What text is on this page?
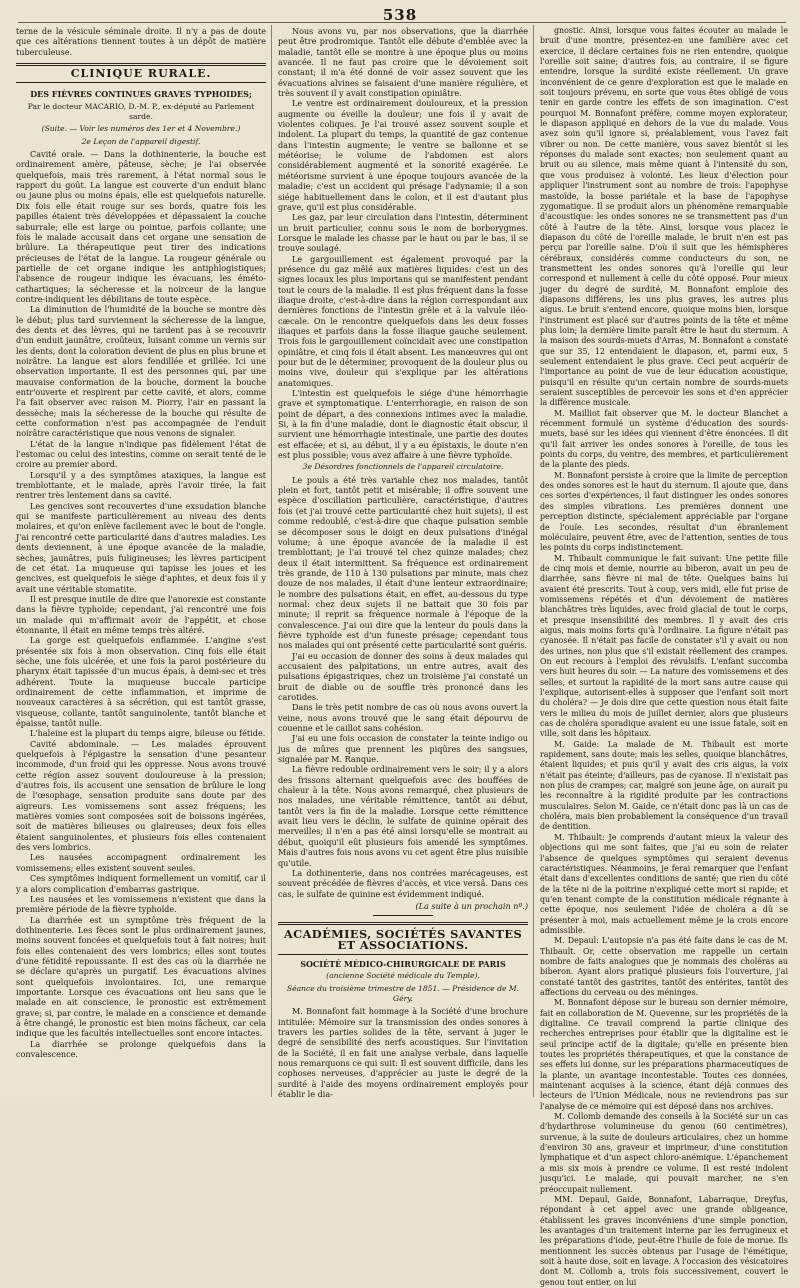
538

terne de la vésicule séminale droite. Il n'y a pas de doute que ces altérations tiennent toutes à un dépôt de matière tuberculeuse.

CLINIQUE RURALE.
DES FIÈVRES CONTINUES GRAVES TYPHOIDES;
Par le docteur MACARIO, D.-M. P., ex-député au Parlement sarde.
(Suite. — Voir les numéros des 1er et 4 Novembre.)
2e Leçon de l'appareil digestif.

Cavité orale. — Dans la dothinenterie, la bouche est ordinairement amère, pâteuse, sèche; je l'ai observée quelquefois, mais très rarement, à l'état normal sous le rapport du goût. La langue est couverte d'un enduit blanc ou jaune plus ou moins épais, elle est quelquefois naturelle. Dix fois elle était rouge sur ses bords, quatre fois les papilles étaient très développées et dépassaient la couche saburrale; elle est large ou pointue, parfois collante; une fois le malade accusait dans cet organe une sensation de brûlure. La thérapeutique peut tirer des indications précieuses de l'état de la langue. La rougeur générale ou partielle de cet organe indique les antiphlogistiques; l'absence de rougeur indique les évacuans, les éméto-cathartiques; la sécheresse et la noirceur de la langue contre-indiquent les débilitans de toute espèce.

La diminution de l'humidité de la bouche se montre dès le début; plus tard surviennent la sécheresse de la langue, des dents et des lèvres, qui ne tardent pas à se recouvrir d'un enduit jaunâtre, croûteux, luisant comme un vernis sur les dents, dont la coloration devient de plus en plus brune et noirâtre. La langue est alors fendillée et grillée. Ici une observation importante. Il est des personnes qui, par une mauvaise conformation de la bouche, dorment la bouche entr'ouverte et respirent par cette cavité, et alors, comme l'a fait observer avec raison M. Piorry, l'air en passant la dessèche; mais la sécheresse de la bouche qui résulte de cette conformation n'est pas accompagnée de l'enduit noirâtre caractéristique que nous venons de signaler.

L'état de la langue n'indique pas fidèlement l'état de l'estomac ou celui des intestins, comme on serait tenté de le croire au premier abord.

Lorsqu'il y a des symptômes ataxiques, la langue est tremblottante, et le malade, après l'avoir tirée, la fait rentrer très lentement dans sa cavité.

Les gencives sont recouvertes d'une exsudation blanche qui se manifeste particulièrement au niveau des dents molaires, et qu'on enlève facilement avec le bout de l'ongle. J'ai rencontré cette particularité dans d'autres maladies. Les dents deviennent, à une époque avancée de la maladie, sèches, jaunâtres, puis fuligineuses; les lèvres participent de cet état. La muqueuse qui tapisse les joues et les gencives, est quelquefois le siège d'aphtes, et deux fois il y avait une véritable stomatite.

Il est presque inutile de dire que l'anorexie est constante dans la fièvre typhoïde; cependant, j'ai rencontré une fois un malade qui m'affirmait avoir de l'appétit, et chose étonnante, il était en même temps très altéré.

La gorge est quelquefois enflammée. L'angine s'est présentée six fois à mon observation. Cinq fois elle était sèche, une fois ulcérée, et une fois la paroi postérieure du pharynx était tapissée d'un mucus épais, à demi-sec et très adhérent. Toute la muqueuse buccale participe ordinairement de cette inflammation, et imprime de nouveaux caractères à sa sécrétion, qui est tantôt grasse, visqueuse, collante, tantôt sanguinolente, tantôt blanche et épaisse, tantôt nulle.

L'haleine est la plupart du temps aigre, bileuse ou fétide.

Cavité abdominale. — Les malades éprouvent quelquefois à l'épigastre la sensation d'une pesanteur incommode, d'un froid qui les oppresse. Nous avons trouvé cette région assez souvent douloureuse à la pression; d'autres fois, ils accusent une sensation de brûlure le long de l'œsophage, sensation produite sans doute par des aigreurs. Les vomissemens sont assez fréquens; les matières vomies sont composées soit de boissons ingérées, soit de matières bilieuses ou glaireuses; deux fois elles étaient sanguinolentes, et plusieurs fois elles contenaient des vers lombrics.

Les nausées accompagnent ordinairement les vomissemens; elles existent souvent seules.

Ces symptômes indiquent formellement un vomitif, car il y a alors complication d'embarras gastrique.

Les nausées et les vomissemens n'existent que dans la première période de la fièvre typhoïde.

La diarrhée est un symptôme très fréquent de la dothinenterie. Les fèces sont le plus ordinairement jaunes, moins souvent foncées et quelquefois tout à fait noires; huit fois elles contenaient des vers lombrics; elles sont toutes d'une fétidité repoussante. Il est des cas où la diarrhée ne se déclare qu'après un purgatif. Les évacuations alvines sont quelquefois involontaires. Ici, une remarque importante. Lorsque ces évacuations ont lieu sans que le malade en ait conscience, le pronostic est extrêmement grave; si, par contre, le malade en a conscience et demande à être changé, le pronostic est bien moins fâcheux, car cela indique que les facultés intellectuelles sont encore intactes.

La diarrhée se prolonge quelquefois dans la convalescence.

Nous avons vu, par nos observations, que la diarrhée peut être prodromique. Tantôt elle débute d'emblée avec la maladie, tantôt elle se montre à une époque plus ou moins avancée. Il ne faut pas croire que le dévoiement soit constant; il m'a été donné de voir assez souvent que les évacuations alvines se faisaient d'une manière régulière, et très souvent il y avait constipation opiniâtre.

Le ventre est ordinairement douloureux, et la pression augmente ou éveille la douleur; une fois il y avait de violentes coliques. Je l'ai trouvé assez souvent souple et indolent. La plupart du temps, la quantité de gaz contenue dans l'intestin augmente; le ventre se ballonne et se météorise; le volume de l'abdomen est alors considérablement augmenté et la sonorité exagérée. Le météorisme survient à une époque toujours avancée de la maladie; c'est un accident qui présage l'adynamie; il a son siége habituellement dans le colon, et il est d'autant plus grave, qu'il est plus considérable.

Les gaz, par leur circulation dans l'intestin, déterminent un bruit particulier, connu sous le nom de borborygmes. Lorsque le malade les chasse par le haut ou par le bas, il se trouve soulagé.

Le gargouillement est également provoqué par la présence du gaz mêlé aux matières liquides: c'est un des signes locaux les plus importans qui se manifestent pendant tout le cours de la maladie. Il est plus fréquent dans la fosse iliaque droite, c'est-à-dire dans la région correspondant aux dernières fonctions de l'intestin grêle et à la valvule iléo-cæcale. On le rencontre quelquefois dans les deux fosses iliaques et parfois dans la fosse iliaque gauche seulement. Trois fois le gargouillement coïncidait avec une constipation opiniâtre, et cinq fois il était absent. Les manœuvres qui ont pour but de le déterminer, provoquent de la douleur plus ou moins vive, douleur qui s'explique par les altérations anatomiques.

L'intestin est quelquefois le siége d'une hémorrhagie grave et symptomatique. L'enterrhoragie, en raison de son point de départ, a des connexions intimes avec la maladie. Si, à la fin d'une maladie, dont le diagnostic était obscur, il survient une hémorrhagie intestinale, une partie des doutes est effacée; et si, au début, il y a eu épistaxis, le doute n'en est plus possible; vous avez affaire à une fièvre typhoïde.

3e Désordres fonctionnels de l'appareil circulatoire.

Le pouls a été très variable chez nos malades, tantôt plein et fort, tantôt petit et misérable; il offre souvent une espèce d'oscillation particulière, caractéristique, d'autres fois (et j'ai trouvé cette particularité chez huit sujets), il est comme redoublé, c'est-à-dire que chaque pulsation semble se décomposer sous le doigt en deux pulsations d'inégal volume; à une époque avancée de la maladie il est tremblottant; je l'ai trouvé tel chez quinze malades; chez deux il était intermittent. Sa fréquence est ordinairement très grande, de 110 à 130 pulsations par minute, mais chez douze de nos malades, il était d'une lenteur extraordinaire; le nombre des pulsations était, en effet, au-dessous du type normal: chez deux sujets il ne battait que 30 fois par minute; il reprit sa fréquence normale à l'époque de la convalescence. J'ai oui dire que la lenteur du pouls dans la fièvre typhoïde est d'un funeste présage; cependant tous nos malades qui ont présenté cette particularité sont guéris.

J'ai eu occasion de donner des soins à deux malades qui accusaient des palpitations, un entre autres, avait des pulsations épigastriques, chez un troisième j'ai constaté un bruit de diable ou de souffle très prononcé dans les carotides.

Dans le très petit nombre de cas où nous avons ouvert la veine, nous avons trouvé que le sang était dépourvu de couenne et le caillot sans cohésion.

J'ai eu une fois occasion de constater la teinte indigo ou jus de mûres que prennent les piqûres des sangsues, signalée par M. Ranque.

La fièvre redouble ordinairement vers le soir; il y a alors des frissons alternant quelquefois avec des bouffées de chaleur à la tête. Nous avons remarqué, chez plusieurs de nos malades, une véritable rémittence, tantôt au début, tantôt vers la fin de la maladie. Lorsque cette rémittence avait lieu vers le déclin, le sulfate de quinine opérait des merveilles; il n'en a pas été ainsi lorsqu'elle se montrait au début, quoiqu'il eût plusieurs fois amendé les symptômes. Mais d'autres fois nous avons vu cet agent être plus nuisible qu'utile.

La dothinenterie, dans nos contrées marécageuses, est souvent précédée de fièvres d'accès, et vice versâ. Dans ces cas, le sulfate de quinine est évidemment indiqué.

(La suite à un prochain nº.)

ACADÉMIES, SOCIÉTÉS SAVANTES ET ASSOCIATIONS.
SOCIÉTÉ MÉDICO-CHIRURGICALE DE PARIS
(ancienne Société médicale du Temple).
Séance du troisième trimestre de 1851. — Présidence de M. Géry.

M. Bonnafont fait hommage à la Société d'une brochure intitulée: Mémoire sur la transmission des ondes sonores à travers les parties solides de la tête, servant à juger le degré de sensibilité des nerfs acoustiques. Sur l'invitation de la Société, il en fait une analyse verbale, dans laquelle nous remarquons ce qui suit: Il est souvent difficile, dans les cophoses nerveuses, d'apprécier au juste le degré de la surdité à l'aide des moyens ordinairement employés pour établir le dia-

gnostic. Ainsi, lorsque vous faites écouter au malade le bruit d'une montre, présentez-en une familière avec cet exercice, il déclare certaines fois ne rien entendre, quoique l'oreille soit saine; d'autres fois, au contraire, il se figure entendre, lorsque la surdité existe réellement. Un grave inconvénient de ce genre d'exploration est que le malade en soit toujours prévenu, en sorte que vous êtes obligé de vous tenir en garde contre les effets de son imagination. C'est pourquoi M. Bonnafont préfère, comme moyen explorateur, le diapason appliqué en dehors de la vue du malade. Vous avez soin qu'il ignore si, préalablement, vous l'avez fait vibrer ou non. De cette manière, vous savez bientôt si les réponses du malade sont exactes; non seulement quant au bruit ou au silence, mais même quant à l'intensité du son, que vous produisez à volonté. Les lieux d'élection pour appliquer l'instrument sont au nombre de trois: l'apophyse mastoïde, la bosse pariétale et la base de l'apophyse zygomatique. Il se produit alors un phénomène remarquable d'acoustique: les ondes sonores ne se transmettent pas d'un côté à l'autre de la tête. Ainsi, lorsque vous placez le diapason du côté de l'oreille malade, le bruit n'en est pas perçu par l'oreille saine. D'où il suit que les hémisphères cérébraux, considérés comme conducteurs du son, ne transmettent les ondes sonores qu'à l'oreille qui leur correspond et nullement à celle du côté opposé. Pour mieux juger du degré de surdité, M. Bonnafont emploie des diapasons différens, les uns plus graves, les autres plus aigus. Le bruit s'entend encore, quoique moins bien, lorsque l'instrument est placé sur d'autres points de la tête et même plus loin; la dernière limite paraît être le haut du sternum. A la maison des sourds-muets d'Arras, M. Bonnafont a constaté que sur 35, 12 entendaient le diapason, et, parmi eux, 5 seulement entendaient le plus grave. Ceci peut acquérir de l'importance au point de vue de leur éducation acoustique, puisqu'il en résulte qu'un certain nombre de sourds-muets seraient susceptibles de percevoir les sons et d'en apprécier la différence musicale.

M. Mailliot fait observer que M. le docteur Blanchet a récemment formulé un système d'éducation des sourds-muets, basé sur les idées qui viennent d'être énoncées. Il dit qu'il fait arriver les ondes sonores à l'oreille, de tous les points du corps, du ventre, des membres, et particulièrement de la plante des pieds.

M. Bonnafont persiste à croire que la limite de perception des ondes sonores est le haut du sternum. Il ajoute que, dans ces sortes d'expériences, il faut distinguer les ondes sonores des simples vibrations. Les premières donnent une perception distincte, spécialement appréciable par l'organe de l'ouïe. Les secondes, résultat d'un ébranlement moléculaire, peuvent être, avec de l'attention, senties de tous les points du corps indistinctement.

M. Thibault communique le fait suivant: Une petite fille de cinq mois et demie, nourrie au biberon, avait un peu de diarrhée, sans fièvre ni mal de tête. Quelques bains lui avaient été prescrits. Tout à coup, vers midi, elle fut prise de vomissemens répétés et d'un dévoiement de matières blanchâtres très liquides, avec froid glacial de tout le corps, et presque insensibilité des membres. Il y avait des cris aigus, mais moins forts qu'à l'ordinaire. La figure n'était pas cyanosée. Il n'était pas facile de constater s'il y avait ou non des urines, non plus que s'il existait réellement des crampes. On eut recours à l'emploi des révulsifs. L'enfant succomba vers huit heures du soir. — La nature des vomissemens et des selles, et surtout la rapidité de la mort sans autre cause qui l'explique, autorisent-elles à supposer que l'enfant soit mort du choléra? — Je dois dire que cette question nous était faite vers le milieu du mois de juillet dernier, alors que plusieurs cas de choléra sporadique avaient eu une issue fatale, soit en ville, soit dans les hôpitaux.

M. Gaide: La malade de M. Thibault est morte rapidement, sans doute; mais les selles, quoique blanchâtres, étaient liquides; et puis qu'il y avait des cris aigus, la voix n'était pas éteinte; d'ailleurs, pas de cyanose. Il n'existait pas non plus de crampes; car, malgré son jeune âge, on aurait pu les reconnaître à la rigidité produite par les contractions musculaires. Selon M. Gaide, ce n'était donc pas là un cas de choléra, mais bien probablement la conséquence d'un travail de dentition.

M. Thibault: Je comprends d'autant mieux la valeur des objections qui me sont faites, que j'ai eu soin de relater l'absence de quelques symptômes qui seraient devenus caractéristiques. Néanmoins, je ferai remarquer que l'enfant était dans d'excellentes conditions de santé; que rien du côté de la tête ni de la poitrine n'expliqué cette mort si rapide; et qu'en tenant compte de la constitution médicale régnante à cette époque, nos seulement l'idée de choléra a dû se présenter à moi, mais actuellement même je la crois encore admissible.

M. Depaul: L'autopsie n'a pas été faite dans le cas de M. Thibault. Or, cette observation me rappelle un certain nombre de faits analogues que je nommais des choléras au biberon. Ayant alors pratiqué plusieurs fois l'ouverture, j'ai constaté tantôt des gastrites, tantôt des entérites, tantôt des affections du cerveau ou des méninges.

M. Bonnafont dépose sur le bureau son dernier mémoire, fait en collaboration de M. Quevenne, sur les propriétés de la digitaline. Ce travail comprend la partie clinique des recherches entreprises pour établir que la digitaline est le seul principe actif de la digitale; qu'elle en présente bien toutes les propriétés thérapeutiques, et que la constance de ses effets lui donne, sur les préparations pharmaceutiques de la plante, un avantage incontestable. Toutes ces données, maintenant acquises à la science, étant déjà connues des lecteurs de l'Union Médicale, nous ne reviendrons pas sur l'analyse de ce mémoire qui est déposé dans nos archives.

M. Collomb demande des conseils à la Société sur un cas d'hydarthrose volumineuse du genou (60 centimètres), survenue, à la suite de douleurs articulaires, chez un homme d'environ 30 ans, graveur et imprimeur, d'une constitution lymphatique et d'un aspect chloro-anémique. L'épanchement a mis six mois à prendre ce volume. Il est resté indolent jusqu'ici. Le malade, qui pouvait marcher, ne s'en préoccupait nullement.

MM. Depaul, Gaide, Bonnafont, Labarraque, Dreyfus, répondant à cet appel avec une grande obligeance, établissent les graves inconvéniens d'une simple ponction, les avantages d'un traitement interne par les ferrugineux et les préparations d'iode, peut-être l'huile de foie de morue. Ils mentionnent les succès obtenus par l'usage de l'émétique, soit à haute dose, soit en lavage. A l'occasion des vésicatoires dont M. Collomb a, trois fois successivement, couvert le genou tout entier, on lui
